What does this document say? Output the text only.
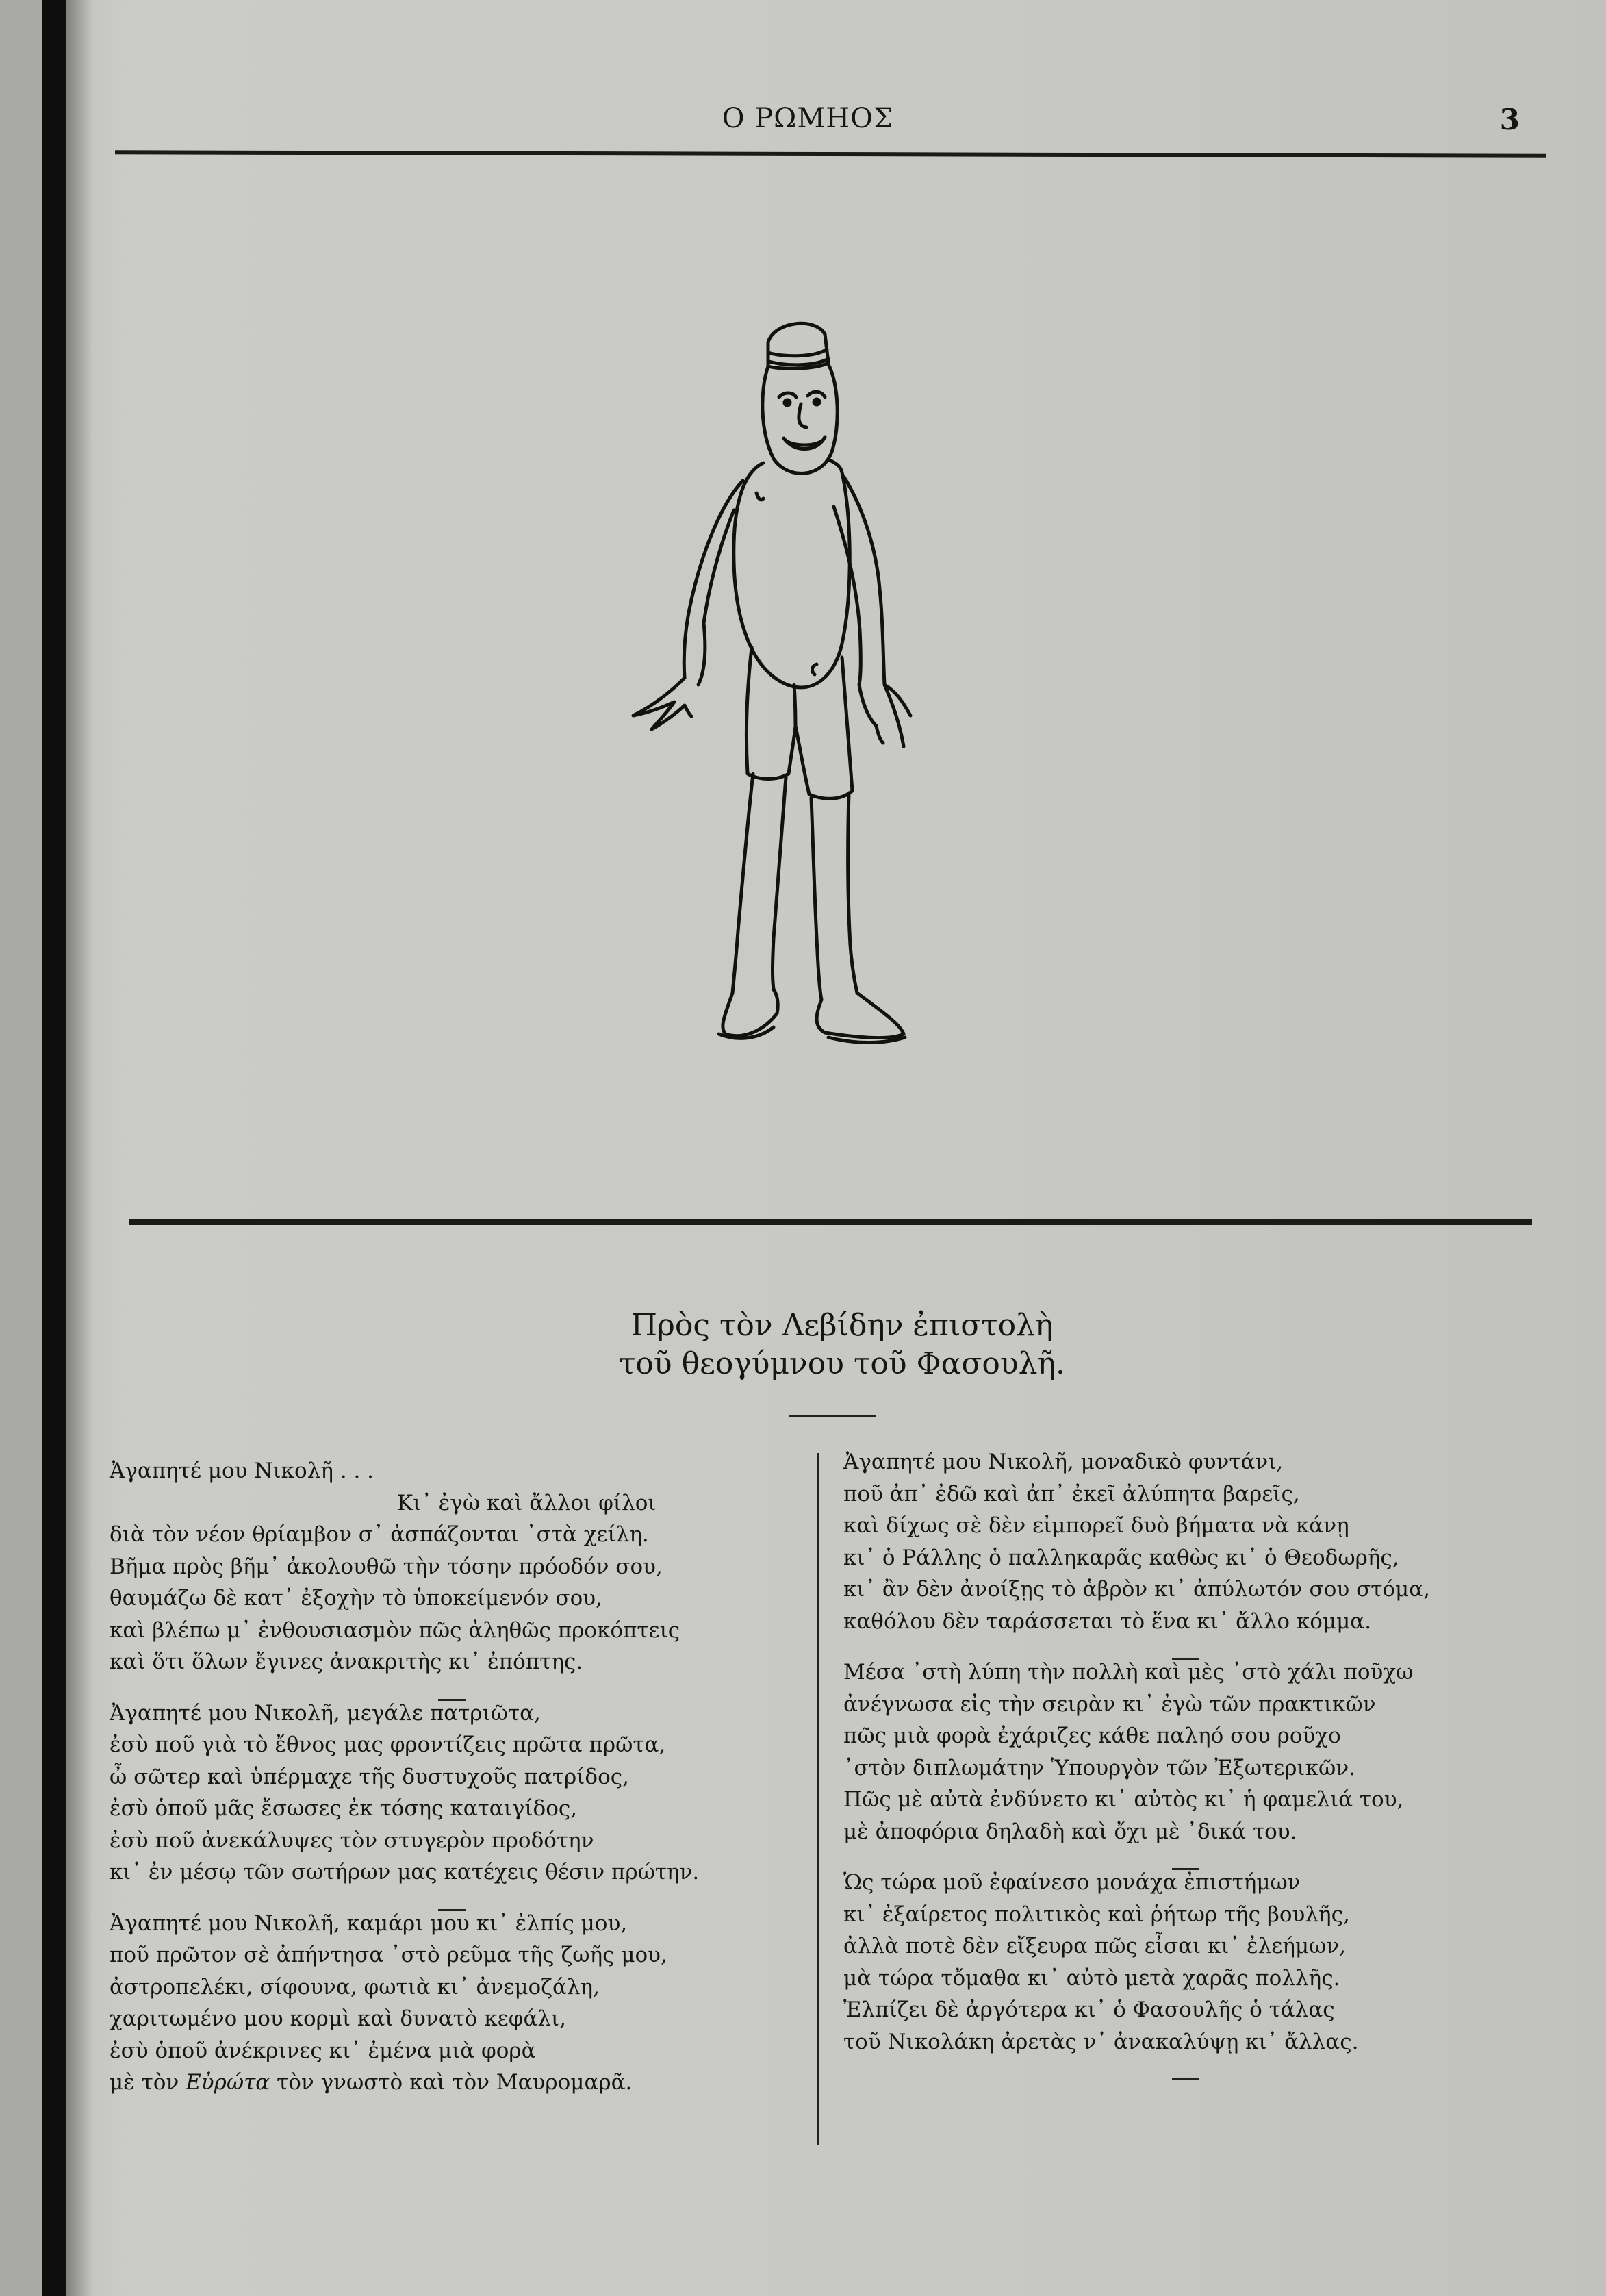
Ο ΡΩΜΗΟΣ	3
Πρὸς τὸν Λεβίδην ἐπιστολὴ
τοῦ θεογύμνου τοῦ Φασουλῆ.
Ἀγαπητέ μου Νικολῆ . . .
Κι᾽ ἐγὼ καὶ ἄλλοι φίλοι
διὰ τὸν νέον θρίαμβον σ᾽ ἀσπάζονται ᾽στὰ χείλη.
Βῆμα πρὸς βῆμ᾽ ἀκολουθῶ τὴν τόσην πρόοδόν σου,
θαυμάζω δὲ κατ᾽ ἐξοχὴν τὸ ὑποκείμενόν σου,
καὶ βλέπω μ᾽ ἐνθουσιασμὸν πῶς ἀληθῶς προκόπτεις
καὶ ὅτι ὅλων ἔγινες ἀνακριτὴς κι᾽ ἐπόπτης.
Ἀγαπητέ μου Νικολῆ, μεγάλε πατριῶτα,
ἐσὺ ποῦ γιὰ τὸ ἔθνος μας φροντίζεις πρῶτα πρῶτα,
ὦ σῶτερ καὶ ὑπέρμαχε τῆς δυστυχοῦς πατρίδος,
ἐσὺ ὁποῦ μᾶς ἔσωσες ἐκ τόσης καταιγίδος,
ἐσὺ ποῦ ἀνεκάλυψες τὸν στυγερὸν προδότην
κι᾽ ἐν μέσῳ τῶν σωτήρων μας κατέχεις θέσιν πρώτην.
Ἀγαπητέ μου Νικολῆ, καμάρι μου κι᾽ ἐλπίς μου,
ποῦ πρῶτον σὲ ἀπήντησα ᾽στὸ ρεῦμα τῆς ζωῆς μου,
ἀστροπελέκι, σίφουνα, φωτιὰ κι᾽ ἀνεμοζάλη,
χαριτωμένο μου κορμὶ καὶ δυνατὸ κεφάλι,
ἐσὺ ὁποῦ ἀνέκρινες κι᾽ ἐμένα μιὰ φορὰ
μὲ τὸν Εὐρώτα τὸν γνωστὸ καὶ τὸν Μαυρομαρᾶ.
Ἀγαπητέ μου Νικολῆ, μοναδικὸ φυντάνι,
ποῦ ἀπ᾽ ἐδῶ καὶ ἀπ᾽ ἐκεῖ ἀλύπητα βαρεῖς,
καὶ δίχως σὲ δὲν εἰμπορεῖ δυὸ βήματα νὰ κάνῃ
κι᾽ ὁ Ράλλης ὁ παλληκαρᾶς καθὼς κι᾽ ὁ Θεοδωρῆς,
κι᾽ ἂν δὲν ἀνοίξῃς τὸ ἁβρὸν κι᾽ ἀπύλωτόν σου στόμα,
καθόλου δὲν ταράσσεται τὸ ἕνα κι᾽ ἄλλο κόμμα.
Μέσα ᾽στὴ λύπη τὴν πολλὴ καὶ μὲς ᾽στὸ χάλι ποῦχω
ἀνέγνωσα εἰς τὴν σειρὰν κι᾽ ἐγὼ τῶν πρακτικῶν
πῶς μιὰ φορὰ ἐχάριζες κάθε παληό σου ροῦχο
᾽στὸν διπλωμάτην Ὑπουργὸν τῶν Ἐξωτερικῶν.
Πῶς μὲ αὐτὰ ἐνδύνετο κι᾽ αὐτὸς κι᾽ ἡ φαμελιά του,
μὲ ἀποφόρια δηλαδὴ καὶ ὄχι μὲ ᾽δικά του.
Ὡς τώρα μοῦ ἐφαίνεσο μονάχα ἐπιστήμων
κι᾽ ἐξαίρετος πολιτικὸς καὶ ῥήτωρ τῆς βουλῆς,
ἀλλὰ ποτὲ δὲν εἴξευρα πῶς εἶσαι κι᾽ ἐλεήμων,
μὰ τώρα τὄμαθα κι᾽ αὐτὸ μετὰ χαρᾶς πολλῆς.
Ἐλπίζει δὲ ἀργότερα κι᾽ ὁ Φασουλῆς ὁ τάλας
τοῦ Νικολάκη ἀρετὰς ν᾽ ἀνακαλύψῃ κι᾽ ἄλλας.
